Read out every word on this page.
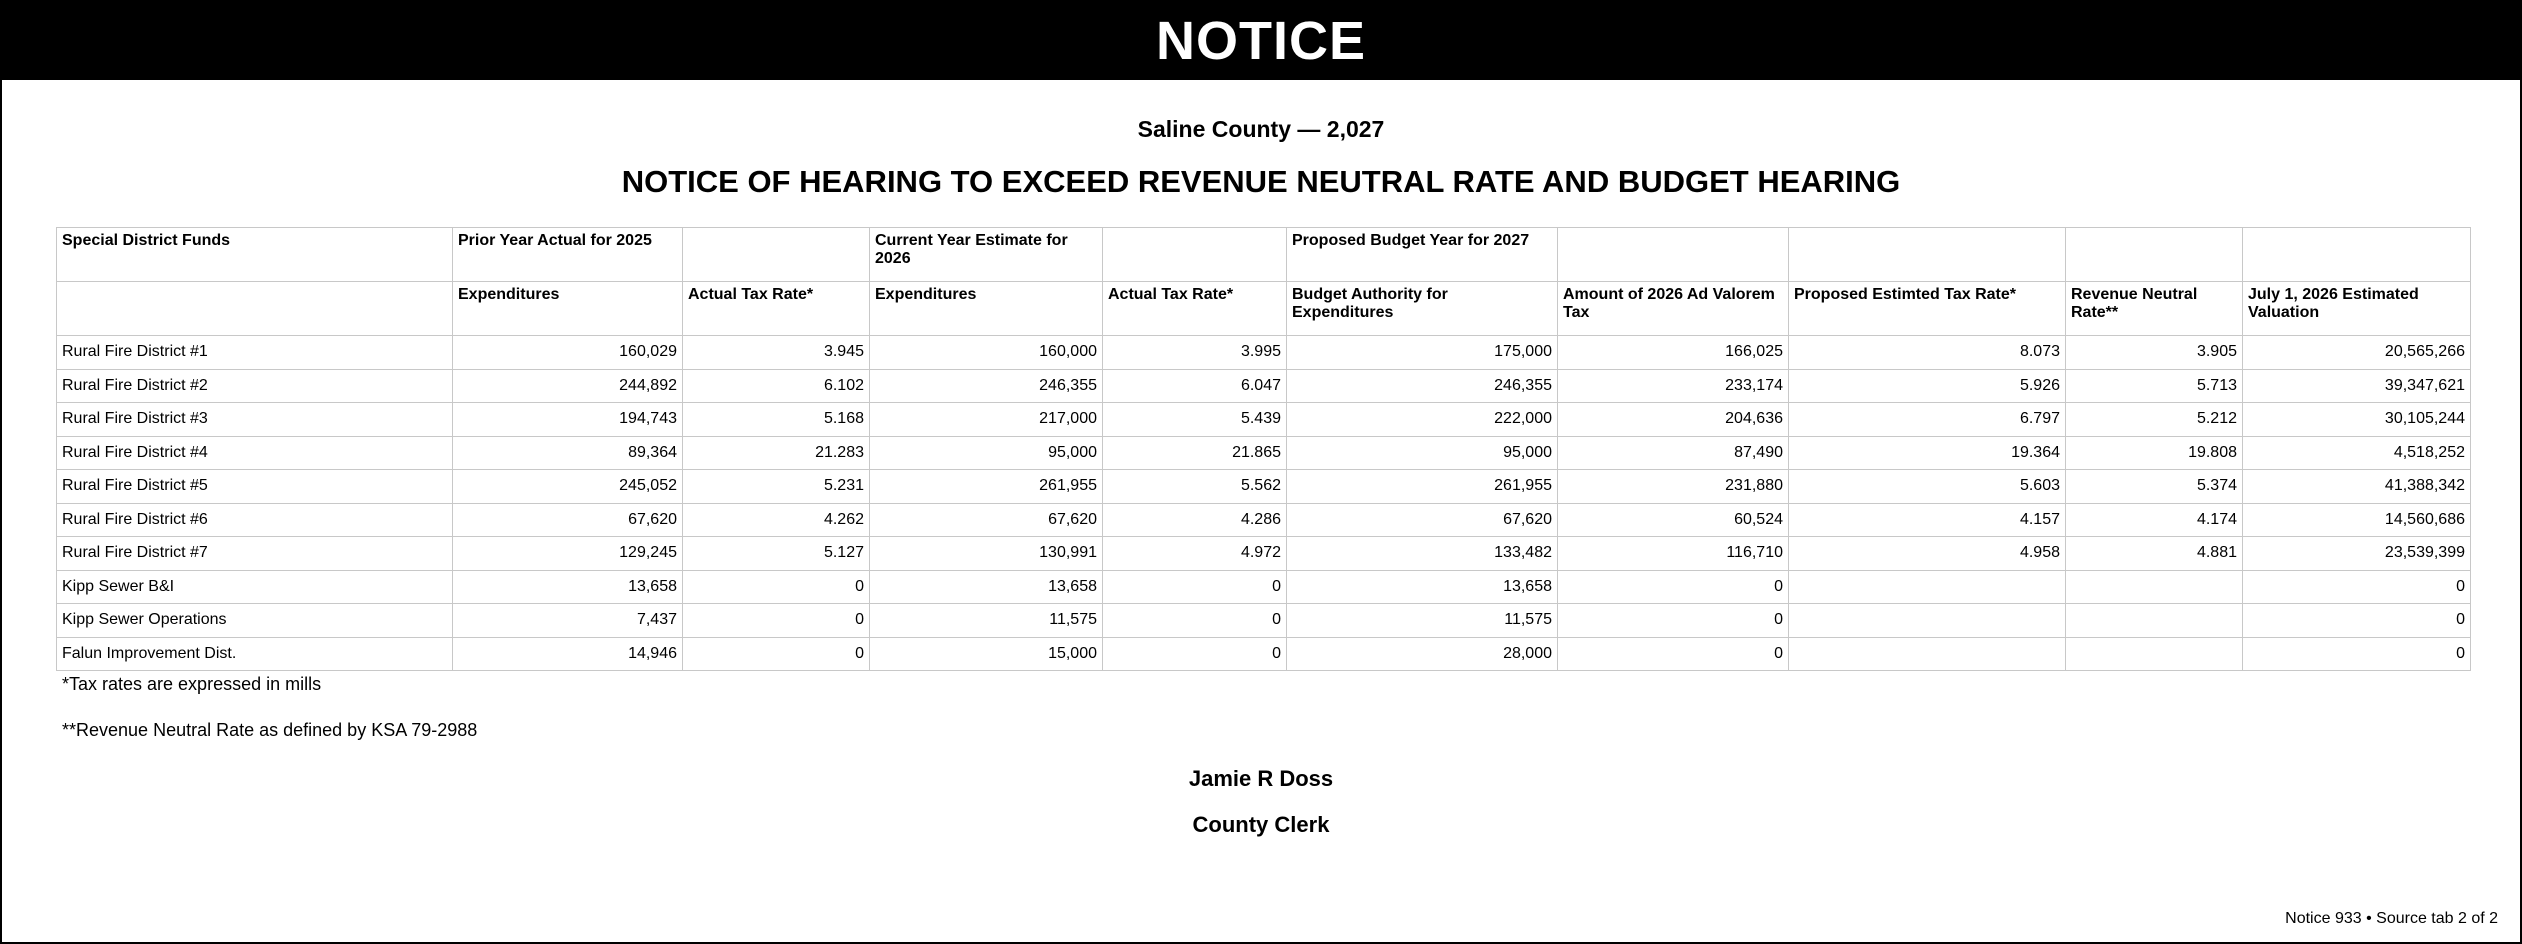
NOTICE
Saline County — 2,027
NOTICE OF HEARING TO EXCEED REVENUE NEUTRAL RATE AND BUDGET HEARING
Special District Funds	Prior Year Actual for 2025		Current Year Estimate for 2026		Proposed Budget Year for 2027				
	Expenditures	Actual Tax Rate*	Expenditures	Actual Tax Rate*	Budget Authority for Expenditures	Amount of 2026 Ad Valorem Tax	Proposed Estimted Tax Rate*	Revenue Neutral Rate**	July 1, 2026 Estimated Valuation
Rural Fire District #1	160,029	3.945	160,000	3.995	175,000	166,025	8.073	3.905	20,565,266
Rural Fire District #2	244,892	6.102	246,355	6.047	246,355	233,174	5.926	5.713	39,347,621
Rural Fire District #3	194,743	5.168	217,000	5.439	222,000	204,636	6.797	5.212	30,105,244
Rural Fire District #4	89,364	21.283	95,000	21.865	95,000	87,490	19.364	19.808	4,518,252
Rural Fire District #5	245,052	5.231	261,955	5.562	261,955	231,880	5.603	5.374	41,388,342
Rural Fire District #6	67,620	4.262	67,620	4.286	67,620	60,524	4.157	4.174	14,560,686
Rural Fire District #7	129,245	5.127	130,991	4.972	133,482	116,710	4.958	4.881	23,539,399
Kipp Sewer B&I	13,658	0	13,658	0	13,658	0			0
Kipp Sewer Operations	7,437	0	11,575	0	11,575	0			0
Falun Improvement Dist.	14,946	0	15,000	0	28,000	0			0
*Tax rates are expressed in mills
**Revenue Neutral Rate as defined by KSA 79-2988
Jamie R Doss
County Clerk
Notice 933 • Source tab 2 of 2
